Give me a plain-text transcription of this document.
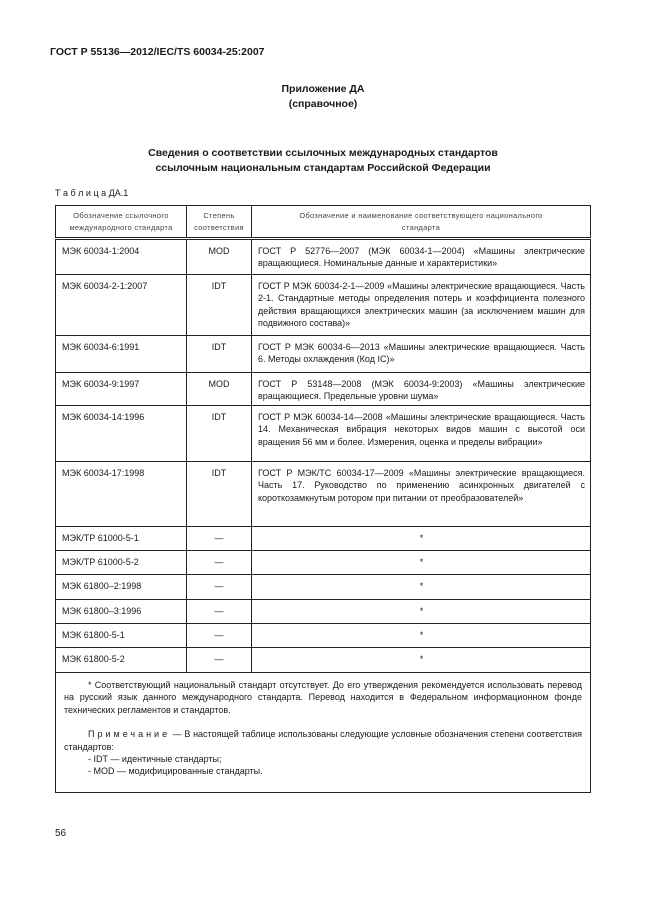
ГОСТ Р 55136—2012/IEC/TS 60034-25:2007
Приложение ДА
(справочное)
Сведения о соответствии ссылочных международных стандартов
ссылочным национальным стандартам Российской Федерации
Т а б л и ц а ДА.1
Обозначение ссылочного международного стандарта	Степень соответствия	Обозначение и наименование соответствующего национального стандарта
МЭК 60034-1:2004	MOD	ГОСТ Р 52776—2007 (МЭК 60034-1—2004) «Машины электрические вращающиеся. Номинальные данные и характеристики»
МЭК 60034-2-1:2007	IDT	ГОСТ Р МЭК 60034-2-1—2009 «Машины электрические вращающиеся. Часть 2-1. Стандартные методы определения потерь и коэффициента полезного действия вращающихся электрических машин (за исключением машин для подвижного состава)»
МЭК 60034-6:1991	IDT	ГОСТ Р МЭК 60034-6—2013 «Машины электрические вращающиеся. Часть 6. Методы охлаждения (Код IC)»
МЭК 60034-9:1997	MOD	ГОСТ Р 53148—2008 (МЭК 60034-9:2003) «Машины электрические вращающиеся. Предельные уровни шума»
МЭК 60034-14:1996	IDT	ГОСТ Р МЭК 60034-14—2008 «Машины электрические вращающиеся. Часть 14. Механическая вибрация некоторых видов машин с высотой оси вращения 56 мм и более. Измерения, оценка и пределы вибрации»
МЭК 60034-17:1998	IDT	ГОСТ Р МЭК/ТС 60034-17—2009 «Машины электрические вращающиеся. Часть 17. Руководство по применению асинхронных двигателей с короткозамкнутым ротором при питании от преобразователей»
МЭК/ТР 61000-5-1	—	*
МЭК/ТР 61000-5-2	—	*
МЭК 61800–2:1998	—	*
МЭК 61800–3:1996	—	*
МЭК 61800-5-1	—	*
МЭК 61800-5-2	—	*

* Соответствующий национальный стандарт отсутствует. До его утверждения рекомендуется использовать перевод на русский язык данного международного стандарта. Перевод находится в Федеральном информационном фонде технических регламентов и стандартов.

Примечание — В настоящей таблице использованы следующие условные обозначения степени соответствия стандартов:

- IDT — идентичные стандарты;

- MOD — модифицированные стандарты.		

56
